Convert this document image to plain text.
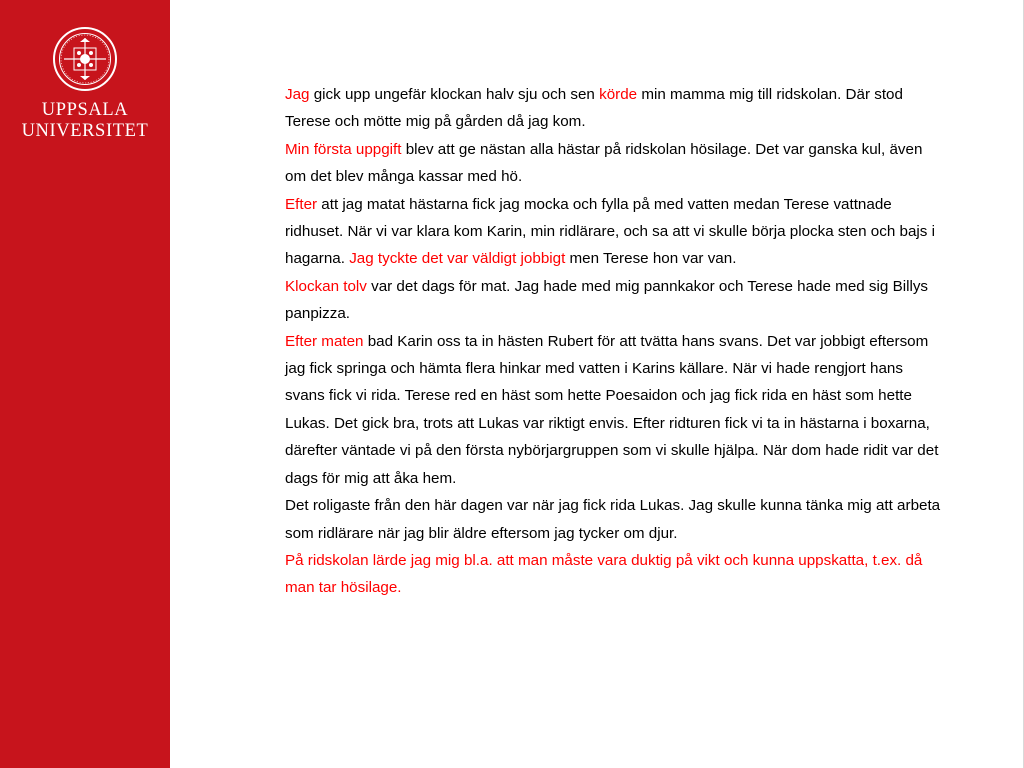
UPPSALA
UNIVERSITET

Jag gick upp ungefär klockan halv sju och sen körde min mamma mig till ridskolan. Där stod Terese och mötte mig på gården då jag kom.

Min första uppgift blev att ge nästan alla hästar på ridskolan hösilage. Det var ganska kul, även om det blev många kassar med hö.

Efter att jag matat hästarna fick jag mocka och fylla på med vatten medan Terese vattnade ridhuset. När vi var klara kom Karin, min ridlärare, och sa att vi skulle börja plocka sten och bajs i hagarna. Jag tyckte det var väldigt jobbigt men Terese hon var van.

Klockan tolv var det dags för mat. Jag hade med mig pannkakor och Terese hade med sig Billys panpizza.

Efter maten bad Karin oss ta in hästen Rubert för att tvätta hans svans. Det var jobbigt eftersom jag fick springa och hämta flera hinkar med vatten i Karins källare. När vi hade rengjort hans svans fick vi rida. Terese red en häst som hette Poesaidon och jag fick rida en häst som hette Lukas. Det gick bra, trots att Lukas var riktigt envis. Efter ridturen fick vi ta in hästarna i boxarna, därefter väntade vi på den första nybörjargruppen som vi skulle hjälpa. När dom hade ridit var det dags för mig att åka hem.

Det roligaste från den här dagen var när jag fick rida Lukas. Jag skulle kunna tänka mig att arbeta som ridlärare när jag blir äldre eftersom jag tycker om djur.

På ridskolan lärde jag mig bl.a. att man måste vara duktig på vikt och kunna uppskatta, t.ex. då man tar hösilage.
